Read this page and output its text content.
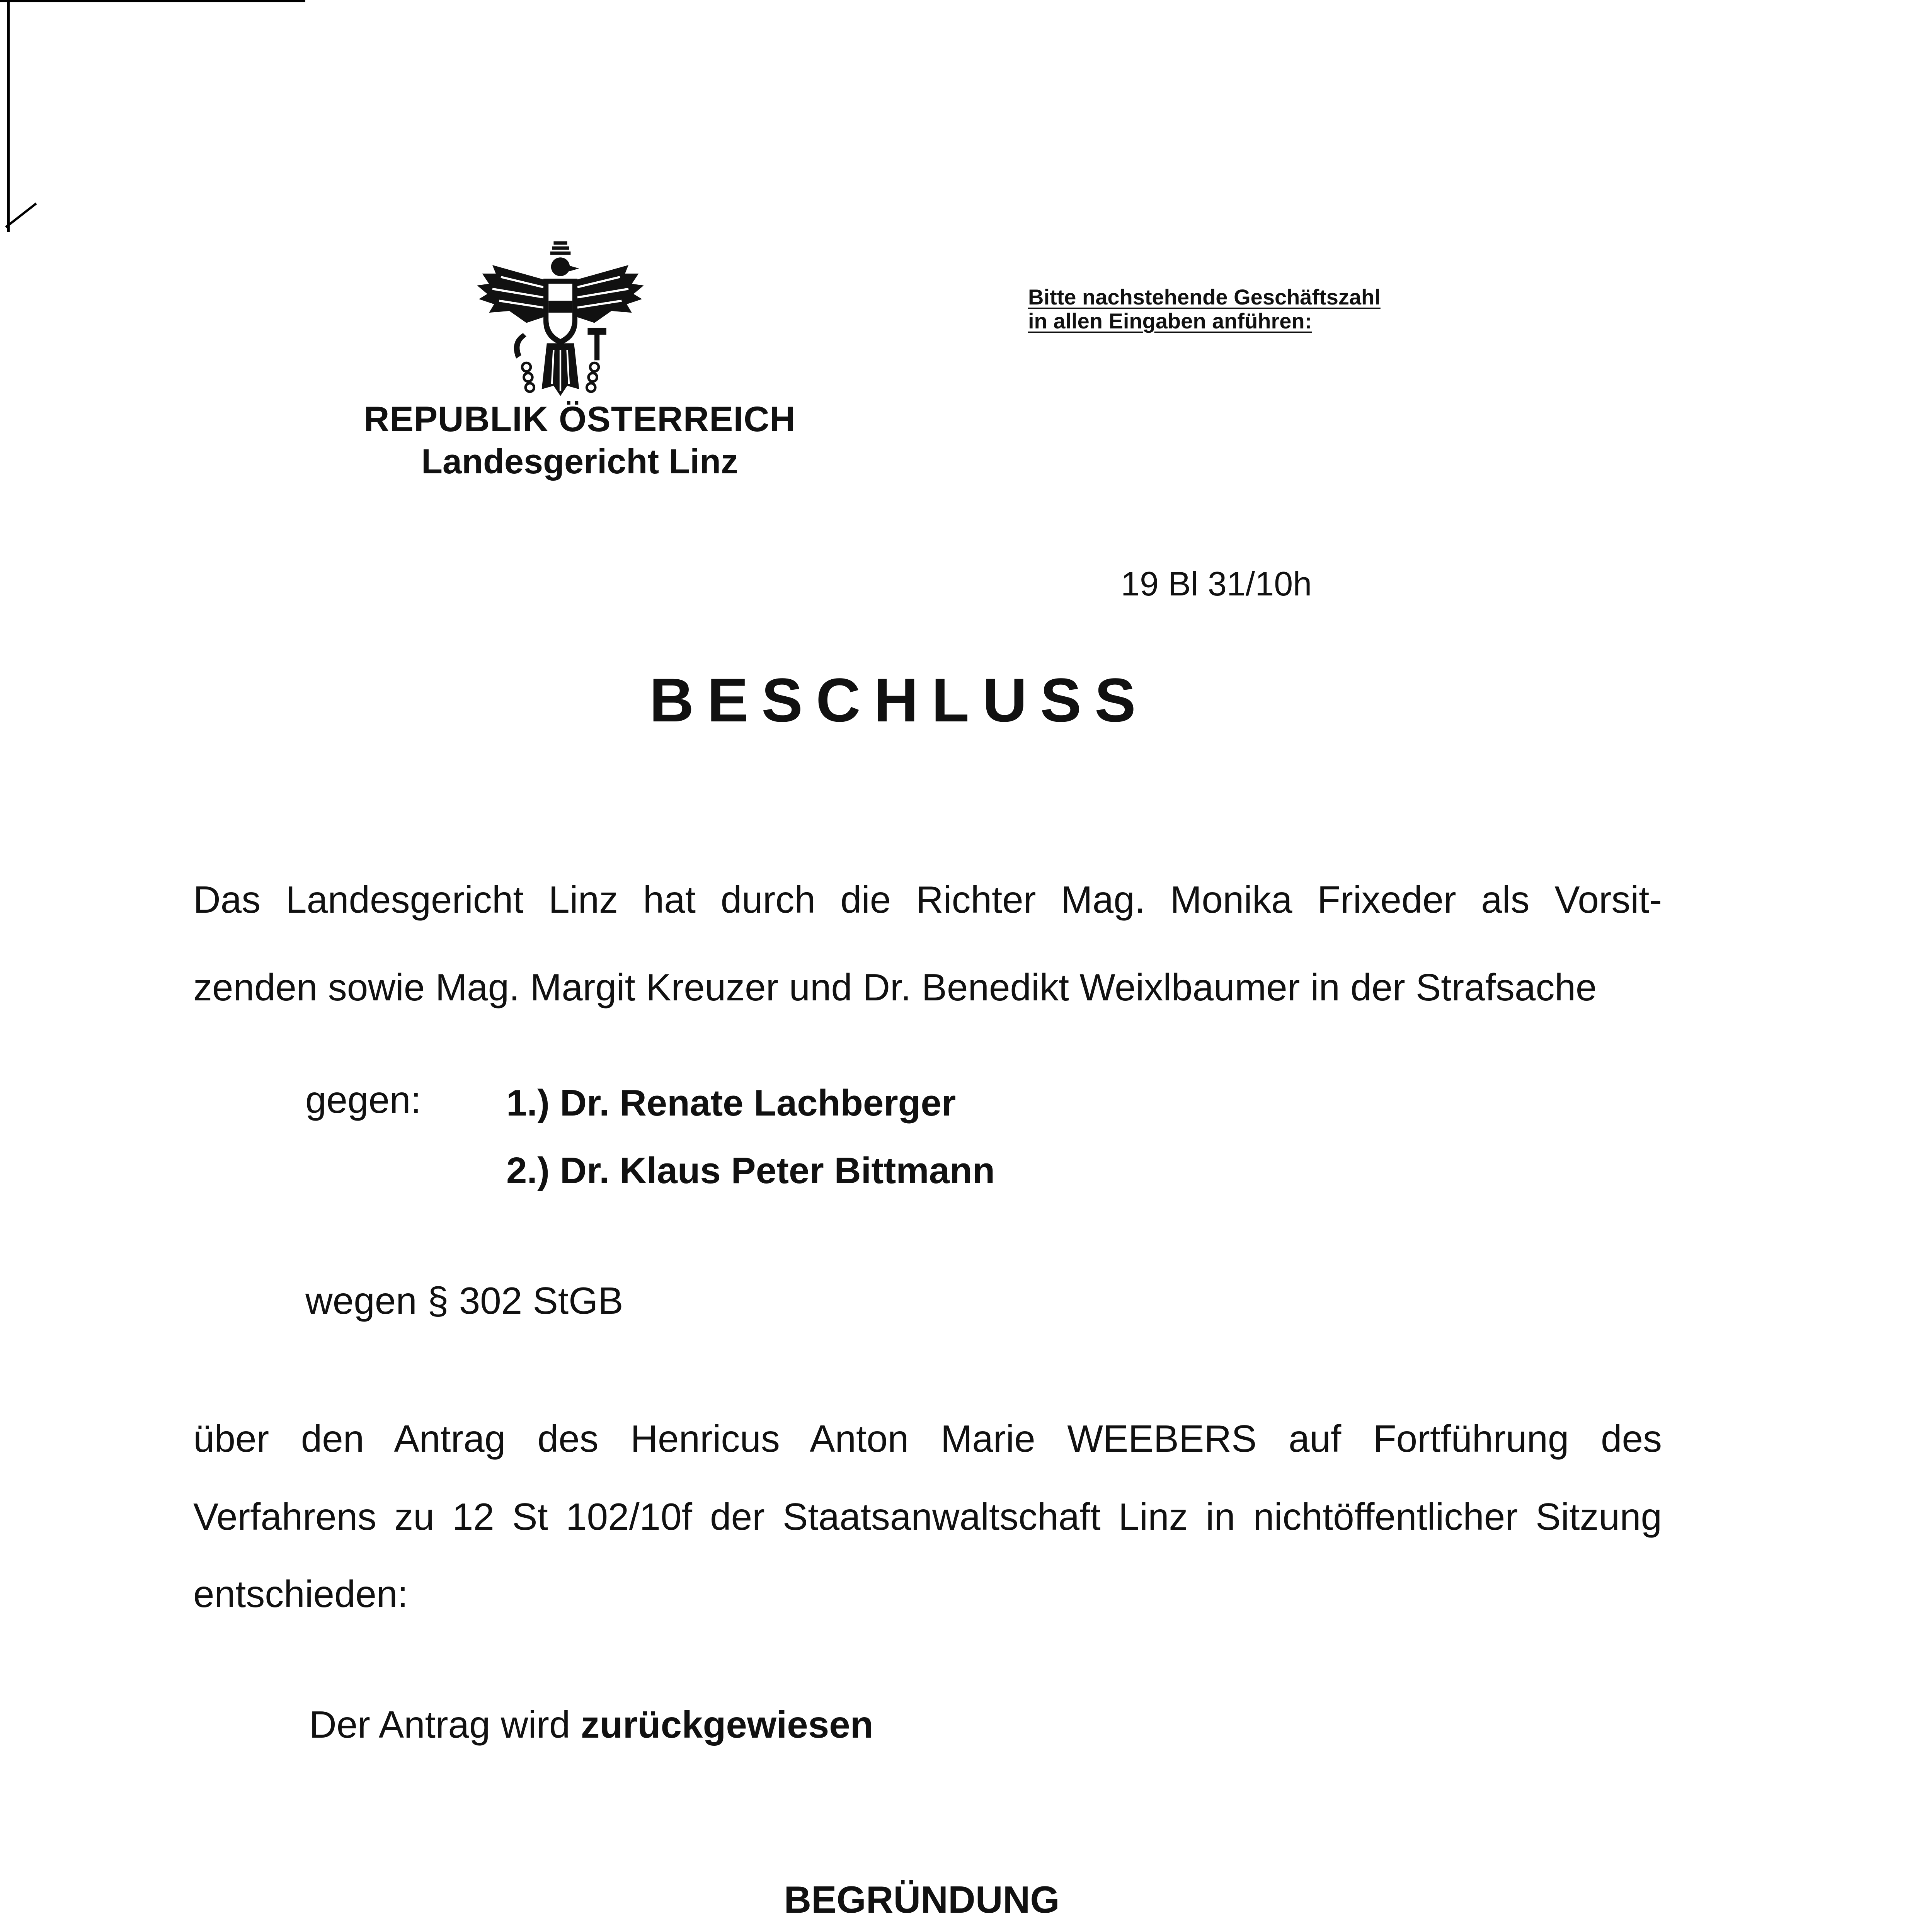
REPUBLIK ÖSTERREICH
Landesgericht Linz
Bitte nachstehende Geschäftszahl
in allen Eingaben anführen:
19 Bl 31/10h
BESCHLUSS
Das Landesgericht Linz hat durch die Richter Mag. Monika Frixeder als Vorsit-
zenden sowie Mag. Margit Kreuzer und Dr. Benedikt Weixlbaumer in der Strafsache
gegen: 1.) Dr. Renate Lachberger
2.) Dr. Klaus Peter Bittmann
wegen § 302 StGB
über den Antrag des Henricus Anton Marie WEEBERS auf Fortführung des
Verfahrens zu 12 St 102/10f der Staatsanwaltschaft Linz in nichtöffentlicher Sitzung
entschieden:
Der Antrag wird zurückgewiesen
BEGRÜNDUNG
